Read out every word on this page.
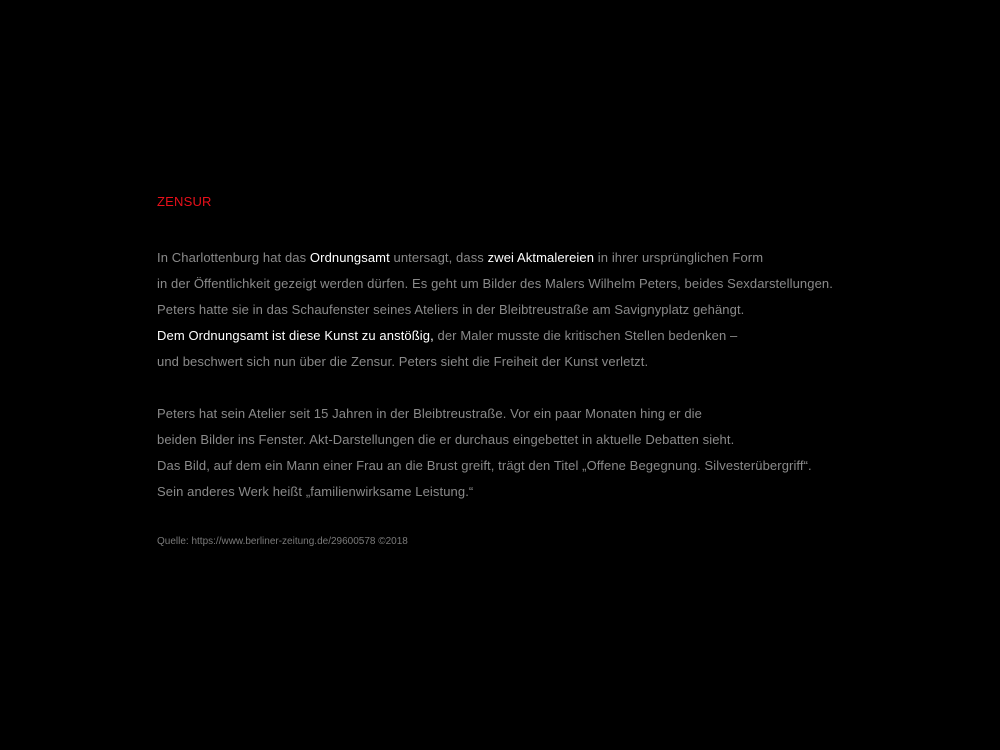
ZENSUR

In Charlottenburg hat das Ordnungsamt untersagt, dass zwei Aktmalereien in ihrer ursprünglichen Form
in der Öffentlichkeit gezeigt werden dürfen. Es geht um Bilder des Malers Wilhelm Peters, beides Sexdarstellungen.
Peters hatte sie in das Schaufenster seines Ateliers in der Bleibtreustraße am Savignyplatz gehängt.
Dem Ordnungsamt ist diese Kunst zu anstößig, der Maler musste die kritischen Stellen bedenken –
und beschwert sich nun über die Zensur. Peters sieht die Freiheit der Kunst verletzt.
Peters hat sein Atelier seit 15 Jahren in der Bleibtreustraße. Vor ein paar Monaten hing er die
beiden Bilder ins Fenster. Akt-Darstellungen die er durchaus eingebettet in aktuelle Debatten sieht.
Das Bild, auf dem ein Mann einer Frau an die Brust greift, trägt den Titel „Offene Begegnung. Silvesterübergriff“.
Sein anderes Werk heißt „familienwirksame Leistung.“
Quelle: https://www.berliner-zeitung.de/29600578 ©2018
